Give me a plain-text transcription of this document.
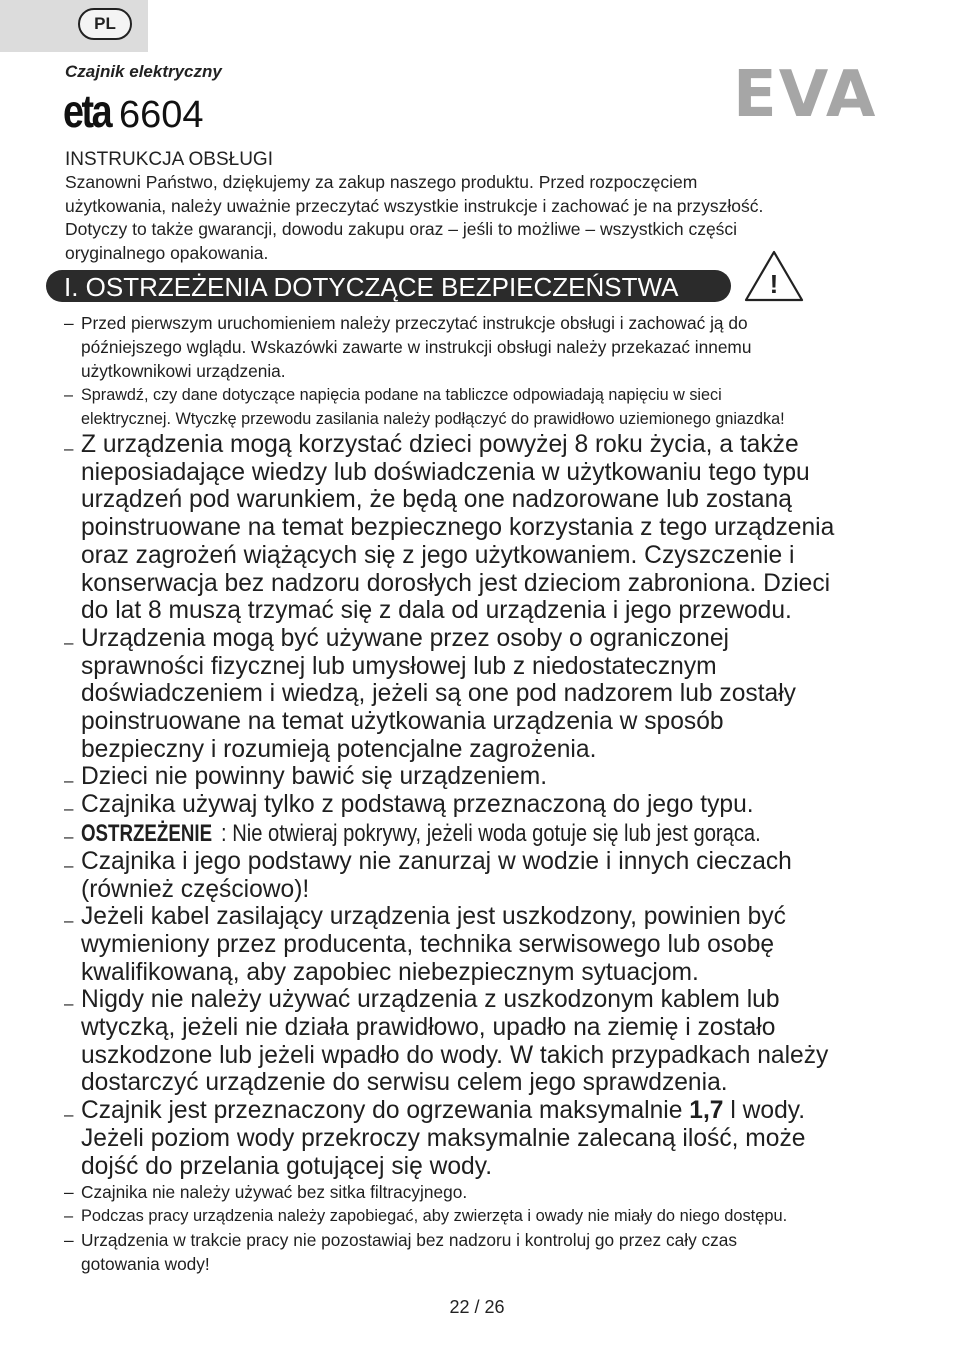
PL
Czajnik elektryczny
eta 6604	EVA
INSTRUKCJA OBSŁUGI

Szanowni Państwo, dziękujemy za zakup naszego produktu. Przed rozpoczęciem

użytkowania, należy uważnie przeczytać wszystkie instrukcje i zachować je na przyszłość.

Dotyczy to także gwarancji, dowodu zakupu oraz – jeśli to możliwe – wszystkich części

oryginalnego opakowania.

I. OSTRZEŻENIA DOTYCZĄCE BEZPIECZEŃSTWA	!
– Przed pierwszym uruchomieniem należy przeczytać instrukcje obsługi i zachować ją do
późniejszego wglądu. Wskazówki zawarte w instrukcji obsługi należy przekazać innemu
użytkownikowi urządzenia.
– Sprawdź, czy dane dotyczące napięcia podane na tabliczce odpowiadają napięciu w sieci
elektrycznej. Wtyczkę przewodu zasilania należy podłączyć do prawidłowo uziemionego gniazdka!
– Z urządzenia mogą korzystać dzieci powyżej 8 roku życia, a także
nieposiadające wiedzy lub doświadczenia w użytkowaniu tego typu
urządzeń pod warunkiem, że będą one nadzorowane lub zostaną
poinstruowane na temat bezpiecznego korzystania z tego urządzenia
oraz zagrożeń wiążących się z jego użytkowaniem. Czyszczenie i
konserwacja bez nadzoru dorosłych jest dzieciom zabroniona. Dzieci
do lat 8 muszą trzymać się z dala od urządzenia i jego przewodu.
– Urządzenia mogą być używane przez osoby o ograniczonej
sprawności fizycznej lub umysłowej lub z niedostatecznym
doświadczeniem i wiedzą, jeżeli są one pod nadzorem lub zostały
poinstruowane na temat użytkowania urządzenia w sposób
bezpieczny i rozumieją potencjalne zagrożenia.
– Dzieci nie powinny bawić się urządzeniem.
– Czajnika używaj tylko z podstawą przeznaczoną do jego typu.
– OSTRZEŻENIE : Nie otwieraj pokrywy, jeżeli woda gotuje się lub jest gorąca.
– Czajnika i jego podstawy nie zanurzaj w wodzie i innych cieczach
(również częściowo)!
– Jeżeli kabel zasilający urządzenia jest uszkodzony, powinien być
wymieniony przez producenta, technika serwisowego lub osobę
kwalifikowaną, aby zapobiec niebezpiecznym sytuacjom.
– Nigdy nie należy używać urządzenia z uszkodzonym kablem lub
wtyczką, jeżeli nie działa prawidłowo, upadło na ziemię i zostało
uszkodzone lub jeżeli wpadło do wody. W takich przypadkach należy
dostarczyć urządzenie do serwisu celem jego sprawdzenia.
– Czajnik jest przeznaczony do ogrzewania maksymalnie 1,7 l wody.
Jeżeli poziom wody przekroczy maksymalnie zalecaną ilość, może
dojść do przelania gotującej się wody.
– Czajnika nie należy używać bez sitka filtracyjnego.
– Podczas pracy urządzenia należy zapobiegać, aby zwierzęta i owady nie miały do niego dostępu.
– Urządzenia w trakcie pracy nie pozostawiaj bez nadzoru i kontroluj go przez cały czas
gotowania wody!
22 / 26
